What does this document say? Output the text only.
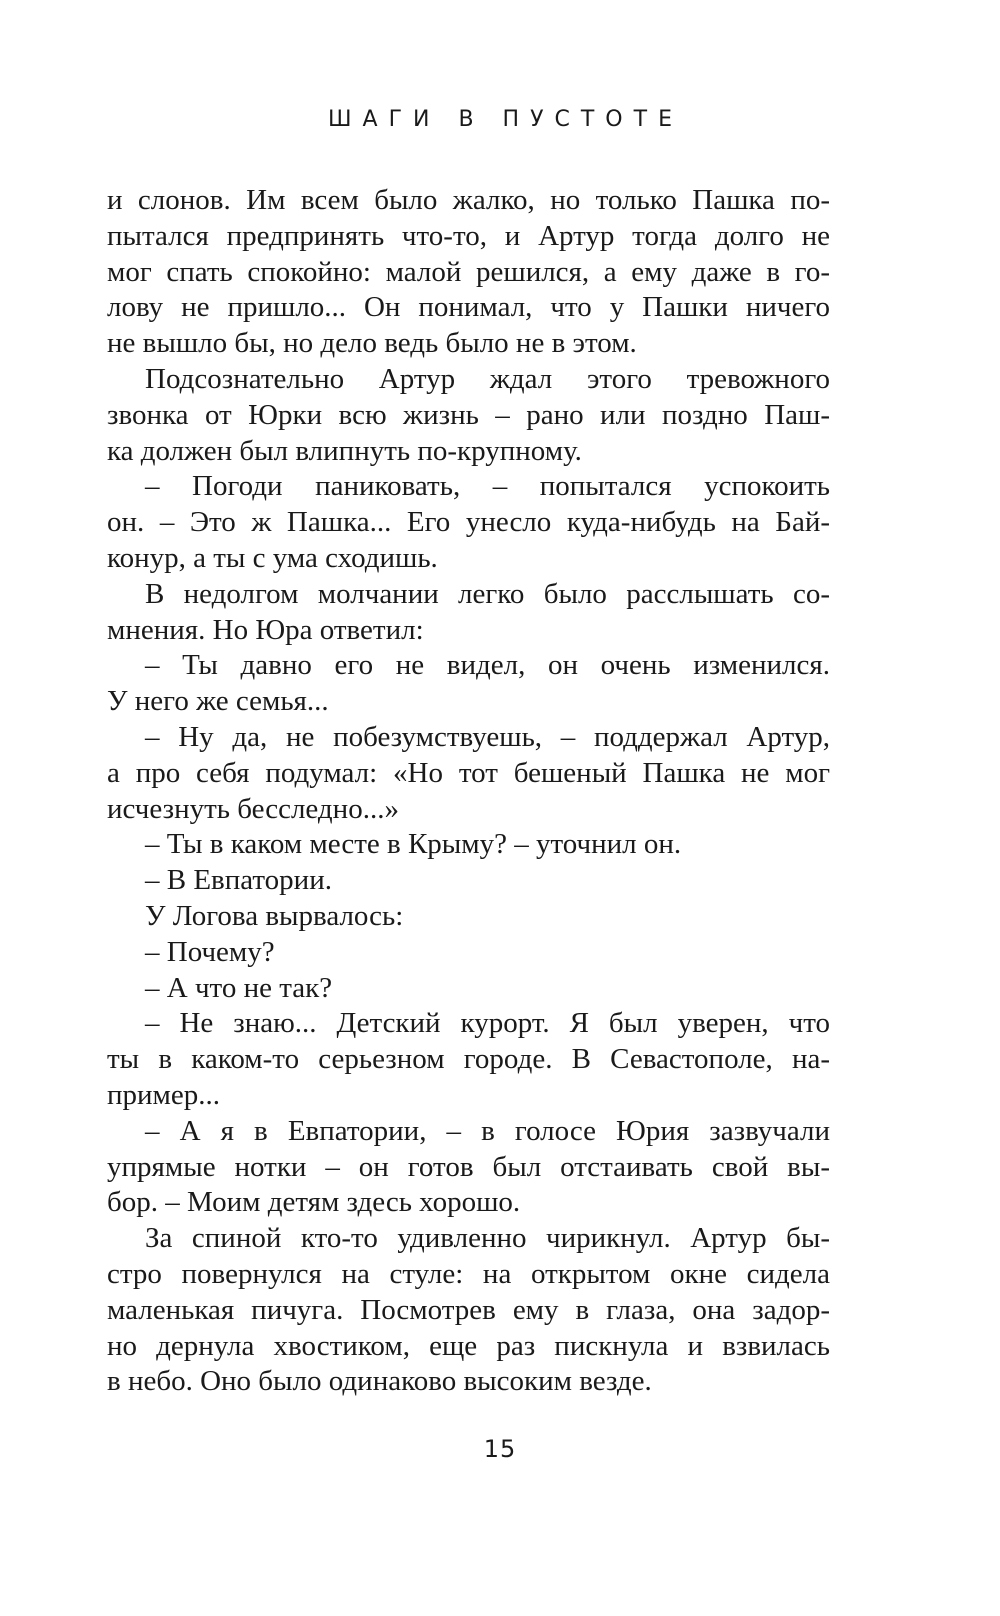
ШАГИ В ПУСТОТЕ
и слонов. Им всем было жалко, но только Пашка по-
пытался предпринять что-то, и Артур тогда долго не
мог спать спокойно: малой решился, а ему даже в го-
лову не пришло... Он понимал, что у Пашки ничего
не вышло бы, но дело ведь было не в этом.
Подсознательно Артур ждал этого тревожного
звонка от Юрки всю жизнь – рано или поздно Паш-
ка должен был влипнуть по-крупному.
– Погоди паниковать, – попытался успокоить
он. – Это ж Пашка... Его унесло куда-нибудь на Бай-
конур, а ты с ума сходишь.
В недолгом молчании легко было расслышать со-
мнения. Но Юра ответил:
– Ты давно его не видел, он очень изменился.
У него же семья...
– Ну да, не побезумствуешь, – поддержал Артур,
а про себя подумал: «Но тот бешеный Пашка не мог
исчезнуть бесследно...»
– Ты в каком месте в Крыму? – уточнил он.
– В Евпатории.
У Логова вырвалось:
– Почему?
– А что не так?
– Не знаю... Детский курорт. Я был уверен, что
ты в каком-то серьезном городе. В Севастополе, на-
пример...
– А я в Евпатории, – в голосе Юрия зазвучали
упрямые нотки – он готов был отстаивать свой вы-
бор. – Моим детям здесь хорошо.
За спиной кто-то удивленно чирикнул. Артур бы-
стро повернулся на стуле: на открытом окне сидела
маленькая пичуга. Посмотрев ему в глаза, она задор-
но дернула хвостиком, еще раз пискнула и взвилась
в небо. Оно было одинаково высоким везде.
15
